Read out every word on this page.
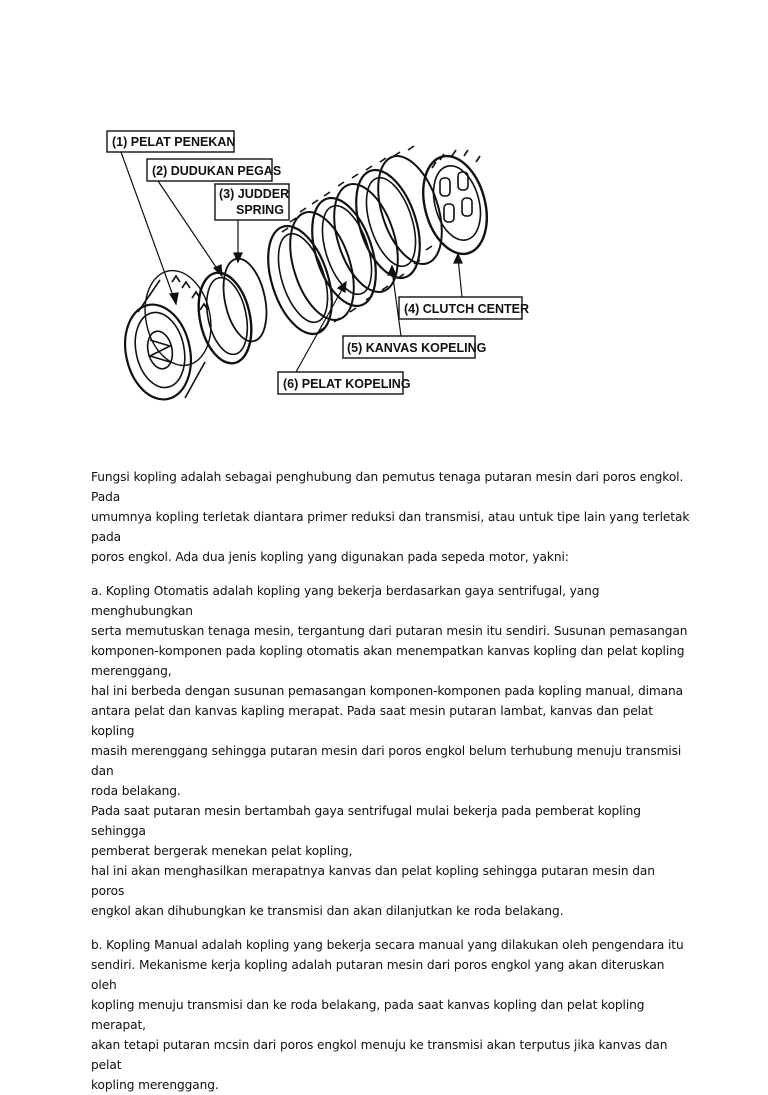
(1) PELAT PENEKAN
(2) DUDUKAN PEGAS
(3) JUDDER
SPRING
(4) CLUTCH CENTER
(5) KANVAS KOPELING
(6) PELAT KOPELING

Fungsi kopling adalah sebagai penghubung dan pemutus tenaga putaran mesin dari poros engkol. Pada

umumnya kopling terletak diantara primer reduksi dan transmisi, atau untuk tipe lain yang terletak pada

poros engkol. Ada dua jenis kopling yang digunakan pada sepeda motor, yakni:

a. Kopling Otomatis adalah kopling yang bekerja berdasarkan gaya sentrifugal, yang menghubungkan

serta memutuskan tenaga mesin, tergantung dari putaran mesin itu sendiri. Susunan pemasangan

komponen-komponen pada kopling otomatis akan menempatkan kanvas kopling dan pelat kopling

merenggang,

hal ini berbeda dengan susunan pemasangan komponen-komponen pada kopling manual, dimana

antara pelat dan kanvas kapling merapat. Pada saat mesin putaran lambat, kanvas dan pelat kopling

masih merenggang sehingga putaran mesin dari poros engkol belum terhubung menuju transmisi dan

roda belakang.

Pada saat putaran mesin bertambah gaya sentrifugal mulai bekerja pada pemberat kopling sehingga

pemberat bergerak menekan pelat kopling,

hal ini akan menghasilkan merapatnya kanvas dan pelat kopling sehingga putaran mesin dan poros

engkol akan dihubungkan ke transmisi dan akan dilanjutkan ke roda belakang.

b. Kopling Manual adalah kopling yang bekerja secara manual yang dilakukan oleh pengendara itu

sendiri. Mekanisme kerja kopling adalah putaran mesin dari poros engkol yang akan diteruskan oleh

kopling menuju transmisi dan ke roda belakang, pada saat kanvas kopling dan pelat kopling merapat,

akan tetapi putaran mcsin dari poros engkol menuju ke transmisi akan terputus jika kanvas dan pelat

kopling merenggang.
